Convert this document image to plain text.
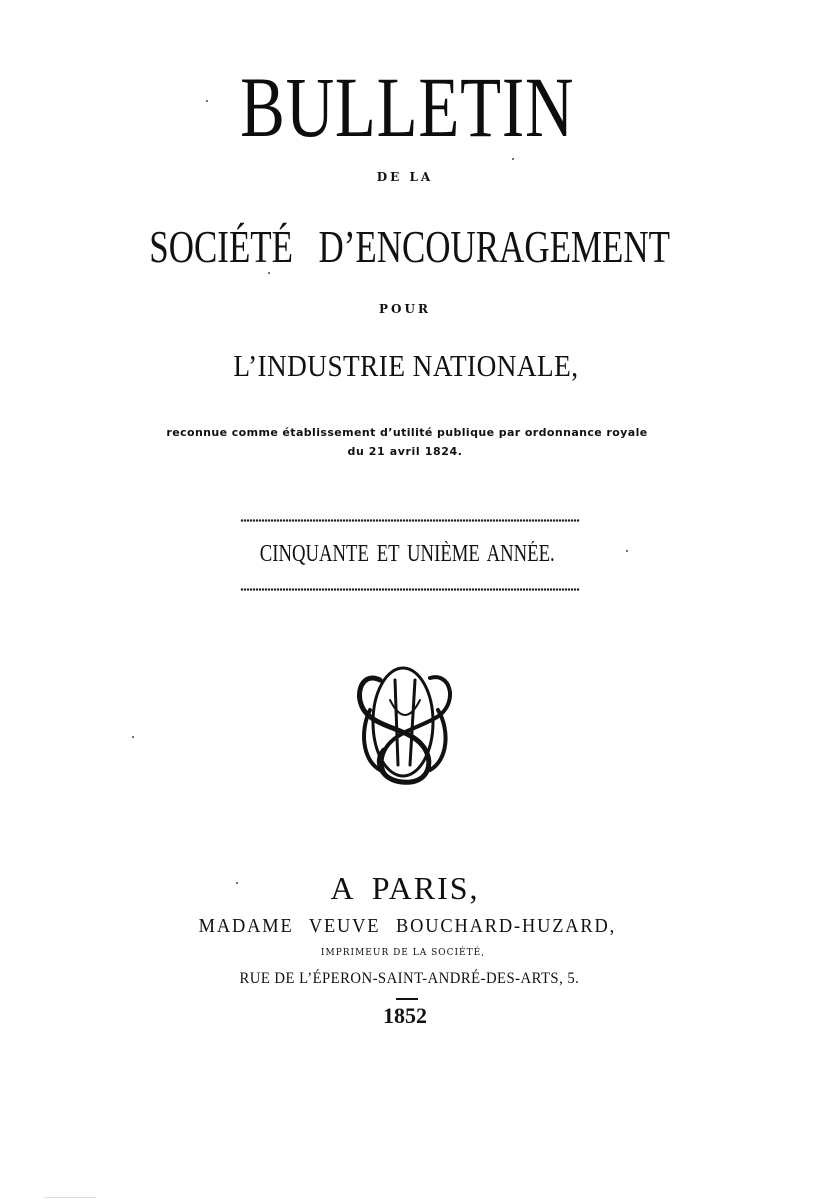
BULLETIN
DE LA
SOCIÉTÉ D’ENCOURAGEMENT
POUR
L’INDUSTRIE NATIONALE,
reconnue comme établissement d’utilité publique par ordonnance royale
du 21 avril 1824.
CINQUANTE ET UNIÈME ANNÉE.
A PARIS,
MADAME VEUVE BOUCHARD-HUZARD,
IMPRIMEUR DE LA SOCIÉTÉ,
RUE DE L’ÉPERON-SAINT-ANDRÉ-DES-ARTS, 5.
1852
